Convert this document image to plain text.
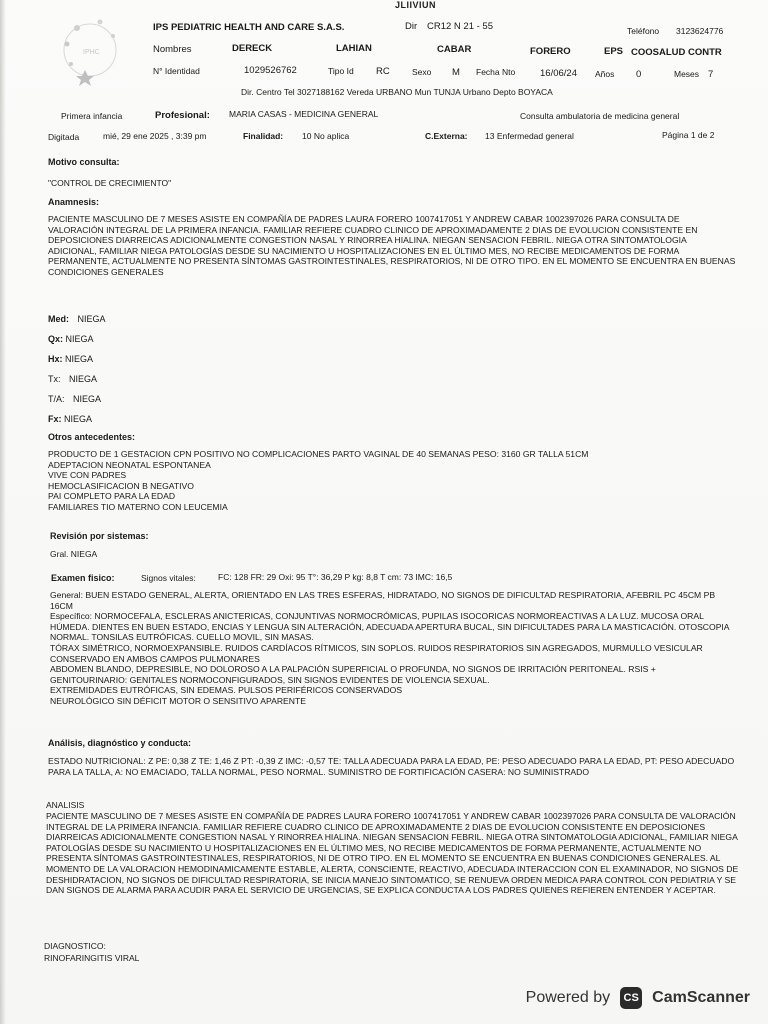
JLIIVIUN
IPHC
IPS PEDIATRIC HEALTH AND CARE S.A.S.	Dir CR12 N 21 - 55	Teléfono 3123624776
Nombres	DERECK	LAHIAN	CABAR	FORERO	EPS COOSALUD CONTR
N° Identidad	1029526762	Tipo Id RC	Sexo M Fecha Nto	16/06/24 Años 0	Meses 7
Dir. Centro Tel 3027188162 Vereda URBANO Mun TUNJA Urbano Depto BOYACA
Primera infancia	Profesional: MARIA CASAS - MEDICINA GENERAL	Consulta ambulatoria de medicina general
Digitada	mié, 29 ene 2025 , 3:39 pm	Finalidad: 10 No aplica	C.Externa: 13 Enfermedad general	Página 1 de 2
Motivo consulta:
"CONTROL DE CRECIMIENTO"
Anamnesis:
PACIENTE MASCULINO DE 7 MESES ASISTE EN COMPAÑÍA DE PADRES LAURA FORERO 1007417051 Y ANDREW CABAR 1002397026 PARA CONSULTA DE VALORACIÓN INTEGRAL DE LA PRIMERA INFANCIA. FAMILIAR REFIERE CUADRO CLINICO DE APROXIMADAMENTE 2 DIAS DE EVOLUCION CONSISTENTE EN DEPOSICIONES DIARREICAS ADICIONALMENTE CONGESTION NASAL Y RINORREA HIALINA. NIEGAN SENSACION FEBRIL. NIEGA OTRA SINTOMATOLOGIA ADICIONAL, FAMILIAR NIEGA PATOLOGÍAS DESDE SU NACIMIENTO U HOSPITALIZACIONES EN EL ÚLTIMO MES, NO RECIBE MEDICAMENTOS DE FORMA PERMANENTE, ACTUALMENTE NO PRESENTA SÍNTOMAS GASTROINTESTINALES, RESPIRATORIOS, NI DE OTRO TIPO. EN EL MOMENTO SE ENCUENTRA EN BUENAS CONDICIONES GENERALES
Med: NIEGA
Qx: NIEGA
Hx: NIEGA
Tx: NIEGA
T/A: NIEGA
Fx: NIEGA
Otros antecedentes:
PRODUCTO DE 1 GESTACION CPN POSITIVO NO COMPLICACIONES PARTO VAGINAL DE 40 SEMANAS PESO: 3160 GR TALLA 51CM
ADEPTACION NEONATAL ESPONTANEA
VIVE CON PADRES
HEMOCLASIFICACION B NEGATIVO
PAI COMPLETO PARA LA EDAD
FAMILIARES TIO MATERNO CON LEUCEMIA
Revisión por sistemas:
Gral. NIEGA
Examen fisico:	Signos vitales:	FC: 128 FR: 29 Oxi: 95 T°: 36,29 P kg: 8,8 T cm: 73 IMC: 16,5
General: BUEN ESTADO GENERAL, ALERTA, ORIENTADO EN LAS TRES ESFERAS, HIDRATADO, NO SIGNOS DE DIFICULTAD RESPIRATORIA, AFEBRIL PC 45CM PB 16CM
Específico: NORMOCEFALA, ESCLERAS ANICTERICAS, CONJUNTIVAS NORMOCRÓMICAS, PUPILAS ISOCORICAS NORMOREACTIVAS A LA LUZ. MUCOSA ORAL HÚMEDA. DIENTES EN BUEN ESTADO, ENCIAS Y LENGUA SIN ALTERACIÓN, ADECUADA APERTURA BUCAL, SIN DIFICULTADES PARA LA MASTICACIÓN. OTOSCOPIA NORMAL. TONSILAS EUTRÓFICAS. CUELLO MOVIL, SIN MASAS.
TÓRAX SIMÉTRICO, NORMOEXPANSIBLE. RUIDOS CARDÍACOS RÍTMICOS, SIN SOPLOS. RUIDOS RESPIRATORIOS SIN AGREGADOS, MURMULLO VESICULAR CONSERVADO EN AMBOS CAMPOS PULMONARES
ABDOMEN BLANDO, DEPRESIBLE, NO DOLOROSO A LA PALPACIÓN SUPERFICIAL O PROFUNDA, NO SIGNOS DE IRRITACIÓN PERITONEAL. RSIS +
GENITOURINARIO: GENITALES NORMOCONFIGURADOS, SIN SIGNOS EVIDENTES DE VIOLENCIA SEXUAL.
EXTREMIDADES EUTRÓFICAS, SIN EDEMAS. PULSOS PERIFÉRICOS CONSERVADOS
NEUROLÓGICO SIN DÉFICIT MOTOR O SENSITIVO APARENTE
Análisis, diagnóstico y conducta:
ESTADO NUTRICIONAL: Z PE: 0,38 Z TE: 1,46 Z PT: -0,39 Z IMC: -0,57 TE: TALLA ADECUADA PARA LA EDAD, PE: PESO ADECUADO PARA LA EDAD, PT: PESO ADECUADO PARA LA TALLA, A: NO EMACIADO, TALLA NORMAL, PESO NORMAL. SUMINISTRO DE FORTIFICACIÓN CASERA: NO SUMINISTRADO
ANALISIS
PACIENTE MASCULINO DE 7 MESES ASISTE EN COMPAÑÍA DE PADRES LAURA FORERO 1007417051 Y ANDREW CABAR 1002397026 PARA CONSULTA DE VALORACIÓN INTEGRAL DE LA PRIMERA INFANCIA. FAMILIAR REFIERE CUADRO CLINICO DE APROXIMADAMENTE 2 DIAS DE EVOLUCION CONSISTENTE EN DEPOSICIONES DIARREICAS ADICIONALMENTE CONGESTION NASAL Y RINORREA HIALINA. NIEGAN SENSACION FEBRIL. NIEGA OTRA SINTOMATOLOGIA ADICIONAL, FAMILIAR NIEGA PATOLOGÍAS DESDE SU NACIMIENTO U HOSPITALIZACIONES EN EL ÚLTIMO MES, NO RECIBE MEDICAMENTOS DE FORMA PERMANENTE, ACTUALMENTE NO PRESENTA SÍNTOMAS GASTROINTESTINALES, RESPIRATORIOS, NI DE OTRO TIPO. EN EL MOMENTO SE ENCUENTRA EN BUENAS CONDICIONES GENERALES. AL MOMENTO DE LA VALORACION HEMODINAMICAMENTE ESTABLE, ALERTA, CONSCIENTE, REACTIVO, ADECUADA INTERACCION CON EL EXAMINADOR, NO SIGNOS DE DESHIDRATACION, NO SIGNOS DE DIFICULTAD RESPIRATORIA, SE INICIA MANEJO SINTOMATICO, SE RENUEVA ORDEN MEDICA PARA CONTROL CON PEDIATRIA Y SE DAN SIGNOS DE ALARMA PARA ACUDIR PARA EL SERVICIO DE URGENCIAS, SE EXPLICA CONDUCTA A LOS PADRES QUIENES REFIEREN ENTENDER Y ACEPTAR.
DIAGNOSTICO:
RINOFARINGITIS VIRAL
Powered by	CS CamScanner
